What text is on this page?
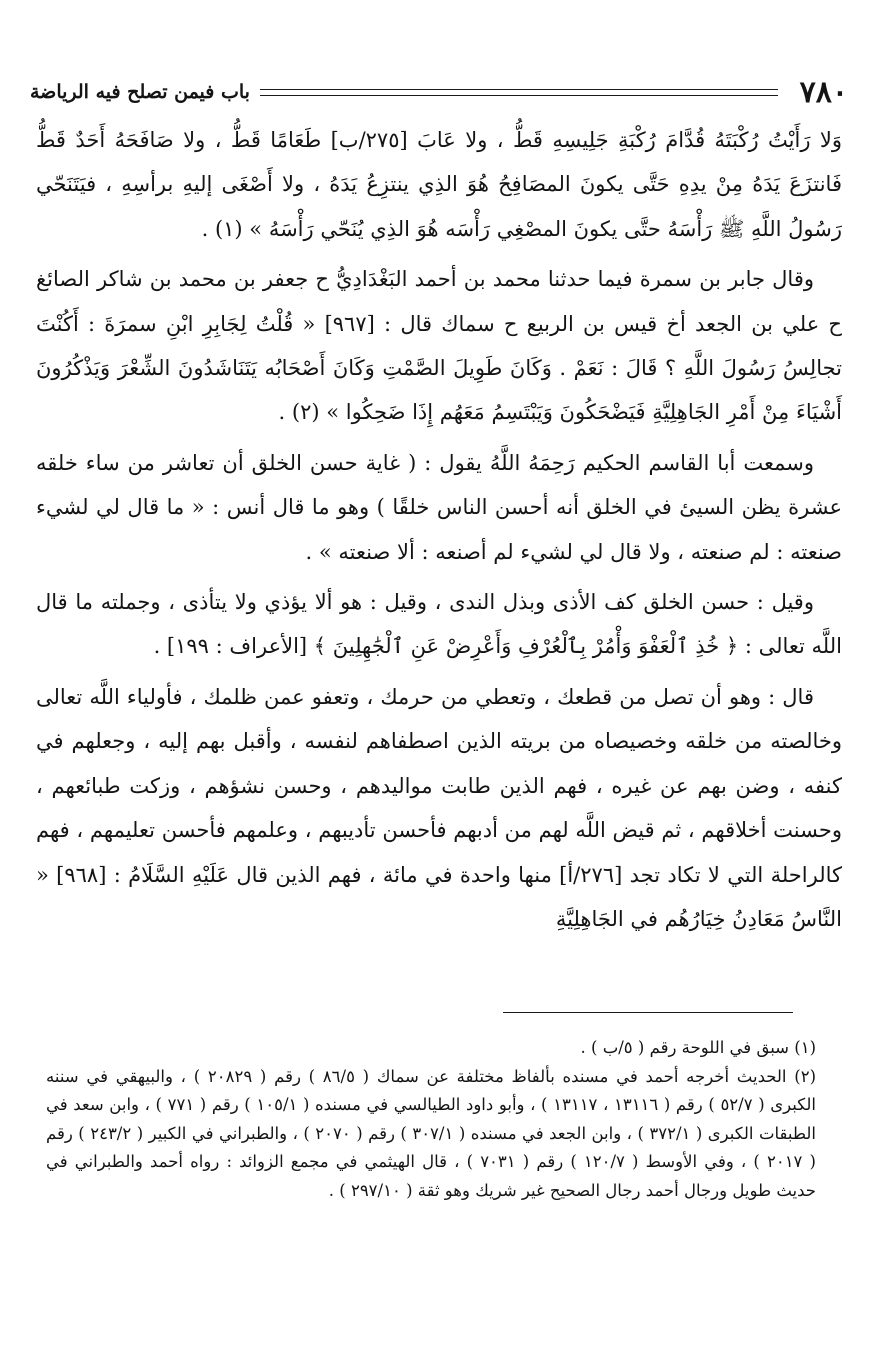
٧٨٠
باب فيمن تصلح فيه الرياضة

وَلا رَأَيْتُ رُكْبَتَهُ قُدَّامَ رُكْبَةِ جَلِيسِهِ قَطُّ ، ولا عَابَ [٢٧٥/ب] طَعَامًا قَطُّ ، ولا صَافَحَهُ أَحَدٌ قَطُّ فَانتزَعَ يَدَهُ مِنْ يدِهِ حَتَّى يكونَ المصَافِحُ هُوَ الذِي ينتزِعُ يَدَهُ ، ولا أَصْغَى إليهِ برأسِهِ ، فيَتَنَحّي رَسُولُ اللَّهِ ﷺ رَأْسَهُ حتَّى يكونَ المصْغِي رَأْسَه هُوَ الذِي يُنَحّي رَأْسَهُ » (١) .

وقال جابر بن سمرة فيما حدثنا محمد بن أحمد البَغْدَادِيُّ ح جعفر بن محمد بن شاكر الصائغ ح علي بن الجعد أخ قيس بن الربيع ح سماك قال : [٩٦٧] « قُلْتُ لِجَابِرِ ابْنِ سمرَةَ : أَكُنْتَ تجالِسُ رَسُولَ اللَّهِ ؟ قَالَ : نَعَمْ . وَكَانَ طَوِيلَ الصَّمْتِ وَكَانَ أَصْحَابُه يَتَنَاشَدُونَ الشِّعْرَ وَيَذْكُرُونَ أَشْيَاءَ مِنْ أَمْرِ الجَاهِلِيَّةِ فَيَضْحَكُونَ وَيَبْتَسِمُ مَعَهُم إِذَا ضَحِكُوا » (٢) .

وسمعت أبا القاسم الحكيم رَحِمَهُ اللَّهُ يقول : ( غاية حسن الخلق أن تعاشر من ساء خلقه عشرة يظن السيئ في الخلق أنه أحسن الناس خلقًا ) وهو ما قال أنس : « ما قال لي لشيء صنعته : لم صنعته ، ولا قال لي لشيء لم أصنعه : ألا صنعته » .

وقيل : حسن الخلق كف الأذى وبذل الندى ، وقيل : هو ألا يؤذي ولا يتأذى ، وجملته ما قال اللَّه تعالى : ﴿ خُذِ ٱلْعَفْوَ وَأْمُرْ بِٱلْعُرْفِ وَأَعْرِضْ عَنِ ٱلْجَٰهِلِينَ ﴾ [الأعراف : ١٩٩] .

قال : وهو أن تصل من قطعك ، وتعطي من حرمك ، وتعفو عمن ظلمك ، فأولياء اللَّه تعالى وخالصته من خلقه وخصيصاه من بريته الذين اصطفاهم لنفسه ، وأقبل بهم إليه ، وجعلهم في كنفه ، وضن بهم عن غيره ، فهم الذين طابت مواليدهم ، وحسن نشؤهم ، وزكت طبائعهم ، وحسنت أخلاقهم ، ثم قيض اللَّه لهم من أدبهم فأحسن تأديبهم ، وعلمهم فأحسن تعليمهم ، فهم كالراحلة التي لا تكاد تجد [٢٧٦/أ] منها واحدة في مائة ، فهم الذين قال عَلَيْهِ السَّلَامُ : [٩٦٨] « النَّاسُ مَعَادِنُ خِيَارُهُم في الجَاهِلِيَّةِ

(١) سبق في اللوحة رقم ( ٥/ب ) .

(٢) الحديث أخرجه أحمد في مسنده بألفاظ مختلفة عن سماك ( ٨٦/٥ ) رقم ( ٢٠٨٢٩ ) ، والبيهقي في سننه الكبرى ( ٥٢/٧ ) رقم ( ١٣١١٦ ، ١٣١١٧ ) ، وأبو داود الطيالسي في مسنده ( ١٠٥/١ ) رقم ( ٧٧١ ) ، وابن سعد في الطبقات الكبرى ( ٣٧٢/١ ) ، وابن الجعد في مسنده ( ٣٠٧/١ ) رقم ( ٢٠٧٠ ) ، والطبراني في الكبير ( ٢٤٣/٢ ) رقم ( ٢٠١٧ ) ، وفي الأوسط ( ١٢٠/٧ ) رقم ( ٧٠٣١ ) ، قال الهيثمي في مجمع الزوائد : رواه أحمد والطبراني في حديث طويل ورجال أحمد رجال الصحيح غير شريك وهو ثقة ( ٢٩٧/١٠ ) .
